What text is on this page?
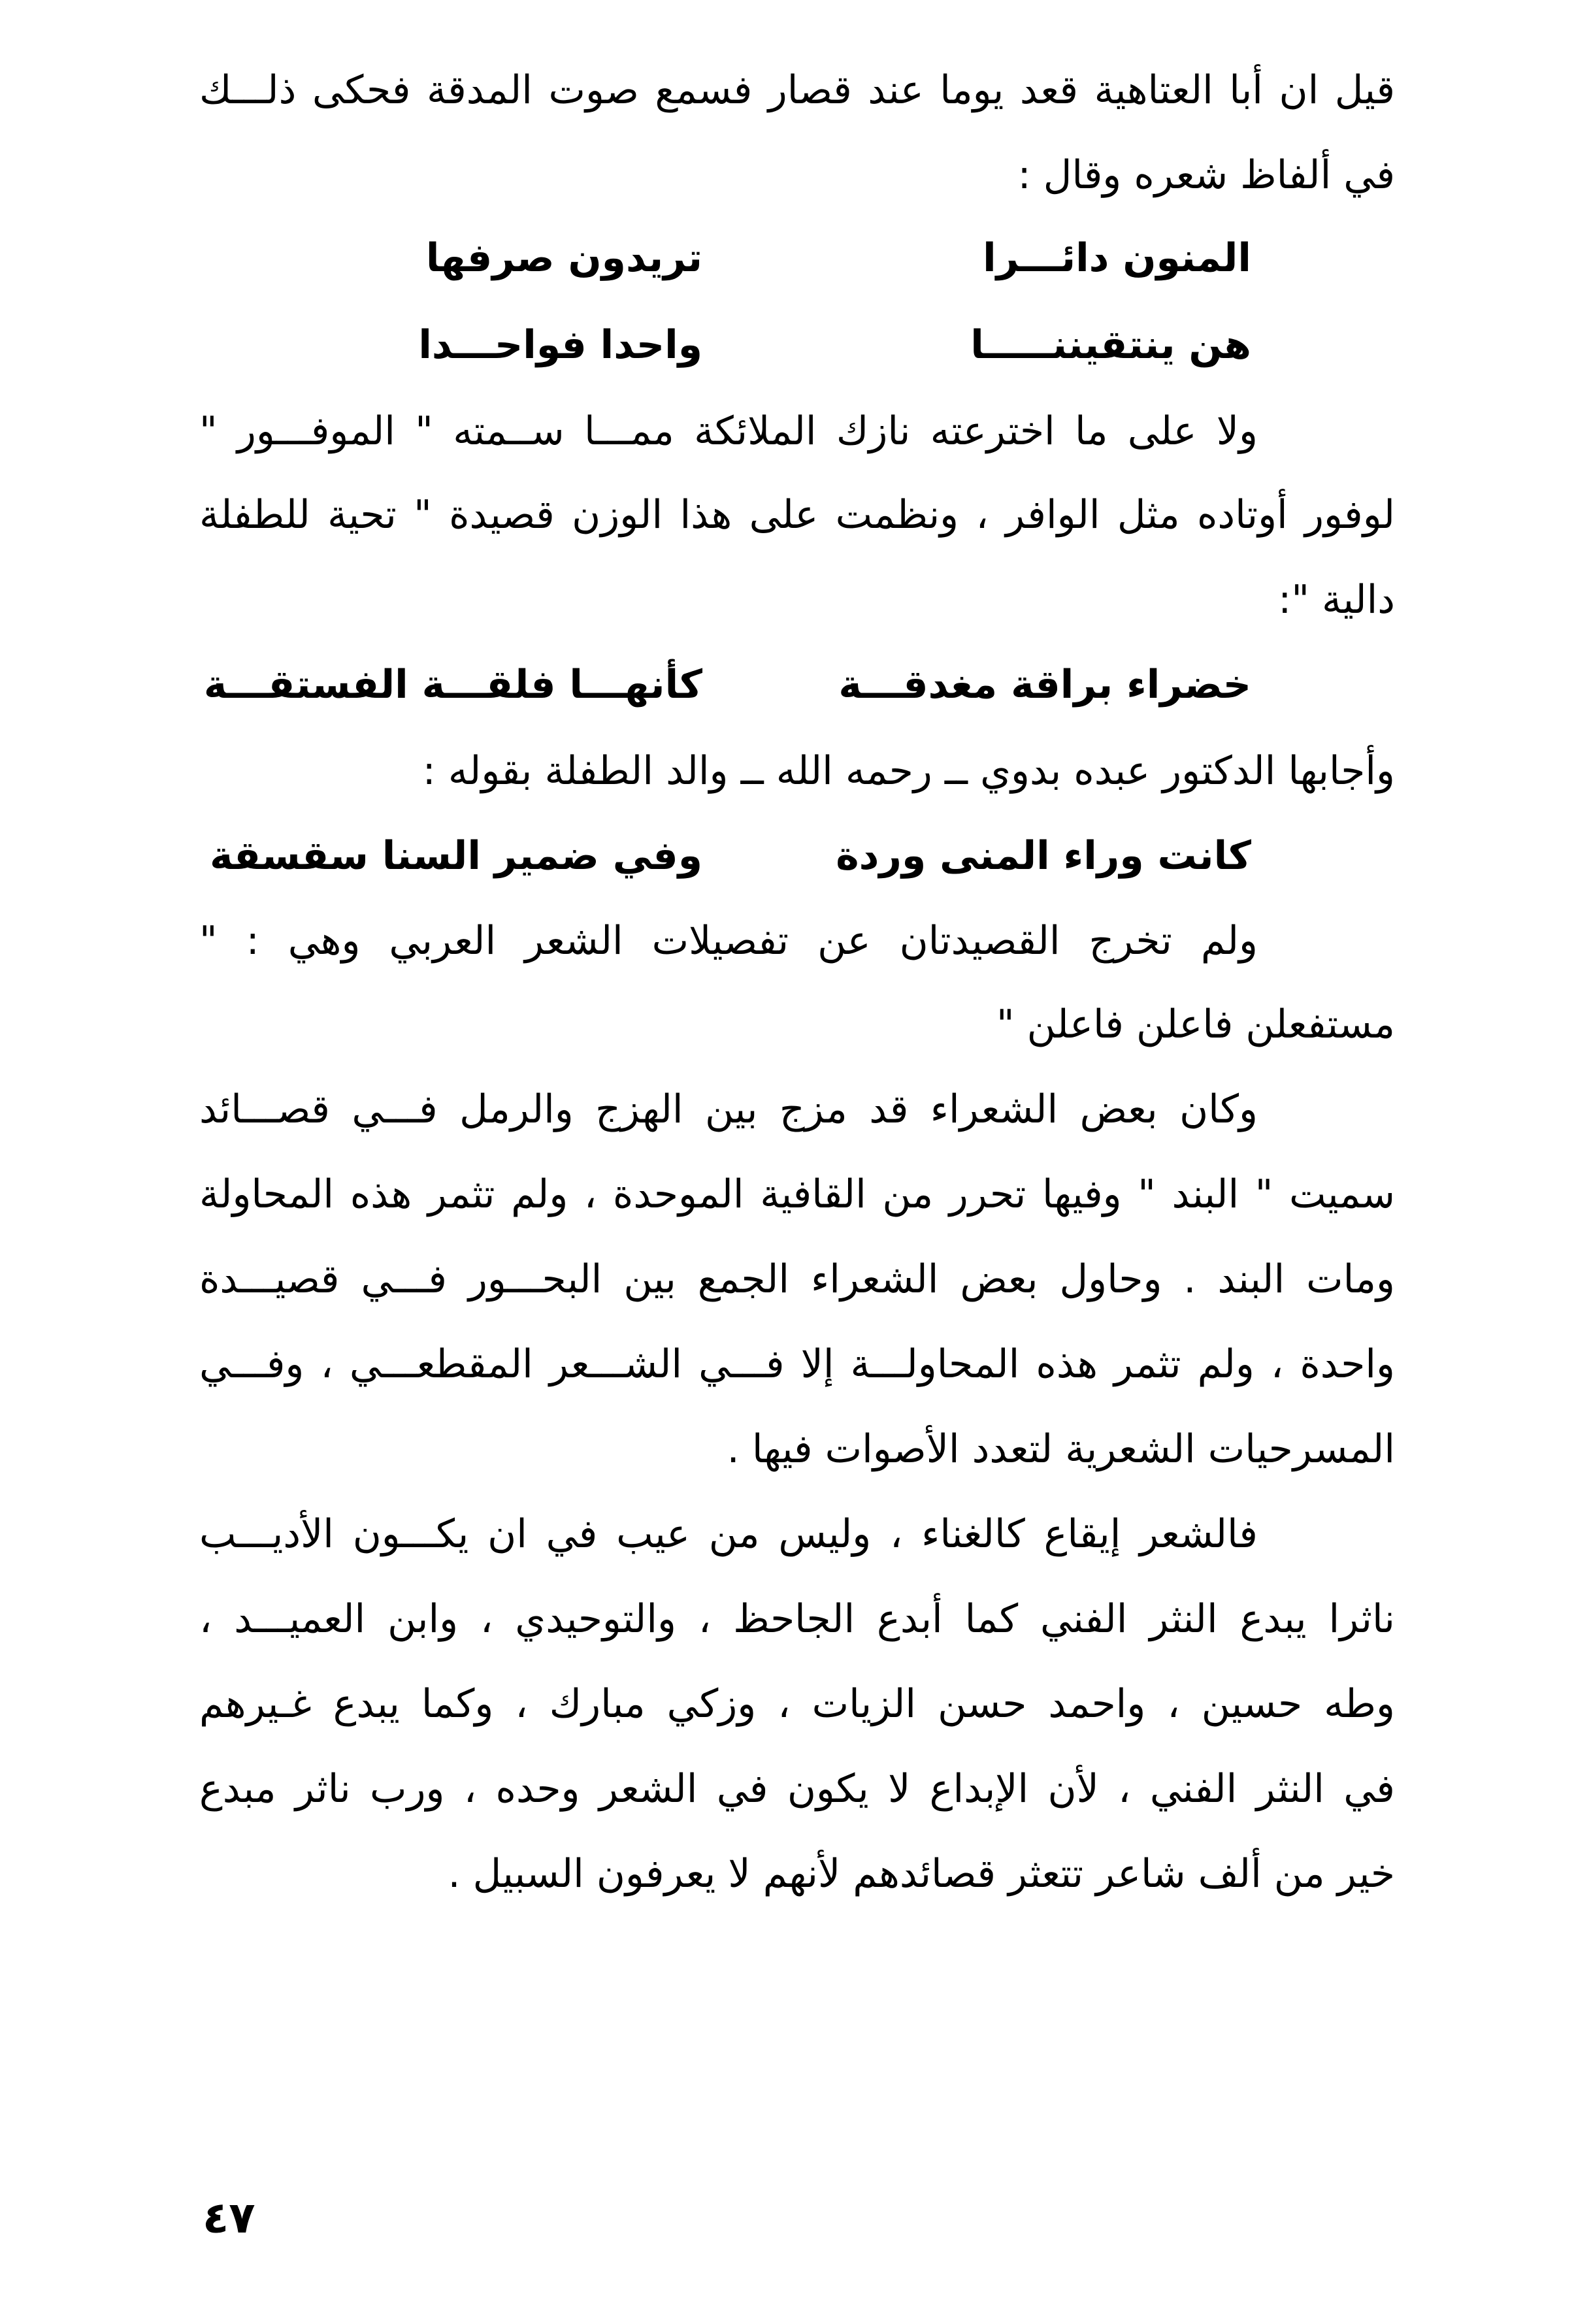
قيل ان أبا العتاهية قعد يوما عند قصار فسمع صوت المدقة فحكى ذلـــك
في ألفاظ شعره وقال :
المنون دائـــرا
تريدون صرفها
هن ينتقيننـــــا
واحدا فواحـــدا
ولا على ما اخترعته نازك الملائكة ممـــا ســمته " الموفـــور "
لوفور أوتاده مثل الوافر ، ونظمت على هذا الوزن قصيدة " تحية للطفلة
دالية ":
خضراء براقة مغدقـــة
كأنهـــا فلقـــة الفستقـــة
وأجابها الدكتور عبده بدوي ــ رحمه الله ــ والد الطفلة بقوله :
كانت وراء المنى وردة
وفي ضمير السنا سقسقة
ولم تخرج القصيدتان عن تفصيلات الشعر العربي وهي : "
مستفعلن فاعلن فاعلن "
وكان بعض الشعراء قد مزج بين الهزج والرمل فـــي قصـــائد
سميت " البند " وفيها تحرر من القافية الموحدة ، ولم تثمر هذه المحاولة
ومات البند . وحاول بعض الشعراء الجمع بين البحـــور فـــي قصيـــدة
واحدة ، ولم تثمر هذه المحاولـــة إلا فـــي الشـــعر المقطعـــي ، وفـــي
المسرحيات الشعرية لتعدد الأصوات فيها .
فالشعر إيقاع كالغناء ، وليس من عيب في ان يكـــون الأديـــب
ناثرا يبدع النثر الفني كما أبدع الجاحظ ، والتوحيدي ، وابن العميـــد ،
وطه حسين ، واحمد حسن الزيات ، وزكي مبارك ، وكما يبدع غـيرهم
في النثر الفني ، لأن الإبداع لا يكون في الشعر وحده ، ورب ناثر مبدع
خير من ألف شاعر تتعثر قصائدهم لأنهم لا يعرفون السبيل .
٤٧
